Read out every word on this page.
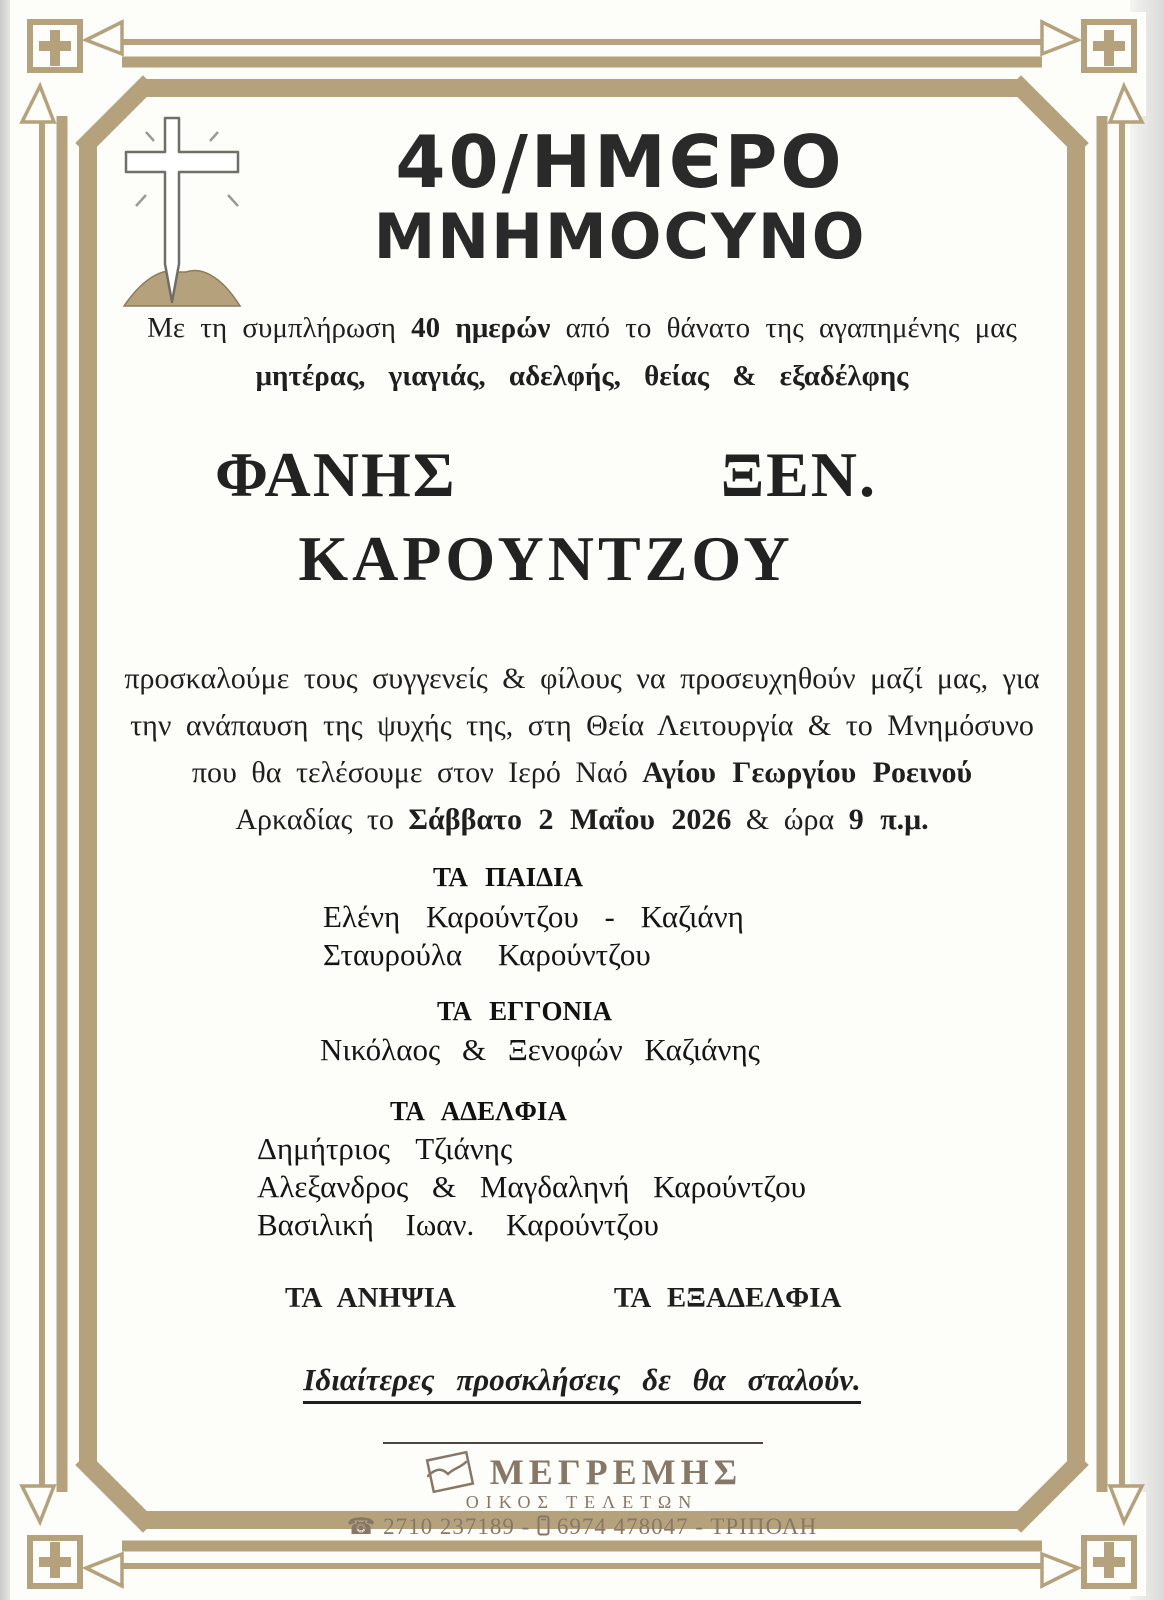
40/HMЄPO
MNHMOCYNO
Με τη συμπλήρωση 40 ημερών από το θάνατο της αγαπημένης μας
μητέρας, γιαγιάς, αδελφής, θείας & εξαδέλφης
ΦΑΝΗΣ	ΞΕΝ.
ΚΑΡΟΥΝΤΖΟΥ
προσκαλούμε τους συγγενείς & φίλους να προσευχηθούν μαζί μας, για
την ανάπαυση της ψυχής της, στη Θεία Λειτουργία & το Μνημόσυνο
που θα τελέσουμε στον Ιερό Ναό Αγίου Γεωργίου Ροεινού
Αρκαδίας το Σάββατο 2 Μαΐου 2026 & ώρα 9 π.μ.
ΤΑ ΠΑΙΔΙΑ
Ελένη Καρούντζου - Καζιάνη
Σταυρούλα Καρούντζου
ΤΑ ΕΓΓΟΝΙΑ
Νικόλαος & Ξενοφών Καζιάνης
ΤΑ ΑΔΕΛΦΙΑ
Δημήτριος Τζιάνης
Αλεξανδρος & Μαγδαληνή Καρούντζου
Βασιλική Ιωαν. Καρούντζου
ΤΑ ΑΝΗΨΙΑ	ΤΑ ΕΞΑΔΕΛΦΙΑ
Ιδιαίτερες προσκλήσεις δε θα σταλούν.
ΜΕΓΡΕΜΗΣ
ΟΙΚΟΣ ΤΕΛΕΤΩΝ
☎ 2710 237189 - 6974 478047 - ΤΡΙΠΟΛΗ
